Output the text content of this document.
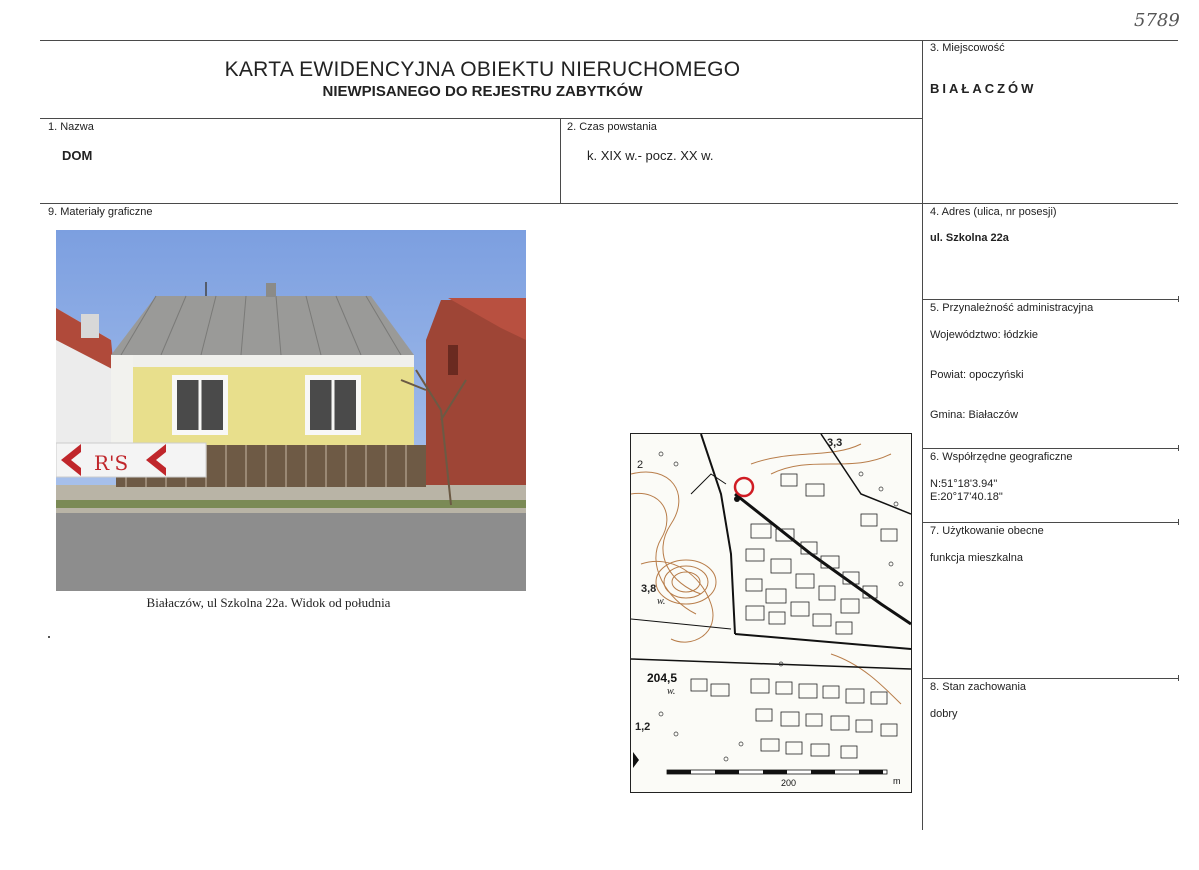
5789
KARTA EWIDENCYJNA OBIEKTU NIERUCHOMEGO
NIEWPISANEGO DO REJESTRU ZABYTKÓW
3. Miejscowość
BIAŁACZÓW
1. Nazwa
DOM
2. Czas powstania
k. XIX w.- pocz. XX w.
9. Materiały graficzne	4. Adres (ulica, nr posesji)
ul. Szkolna 22a
5. Przynależność administracyjna
Województwo: łódzkie
Powiat: opoczyński
Gmina: Białaczów
6. Współrzędne geograficzne
N:51°18'3.94"
E:20°17'40.18"
7. Użytkowanie obecne
funkcja mieszkalna
8. Stan zachowania
dobry
R'S
Białaczów, ul Szkolna 22a. Widok od południa
3,3
2
3,8
w.
204,5
w.
1,2
200	m
